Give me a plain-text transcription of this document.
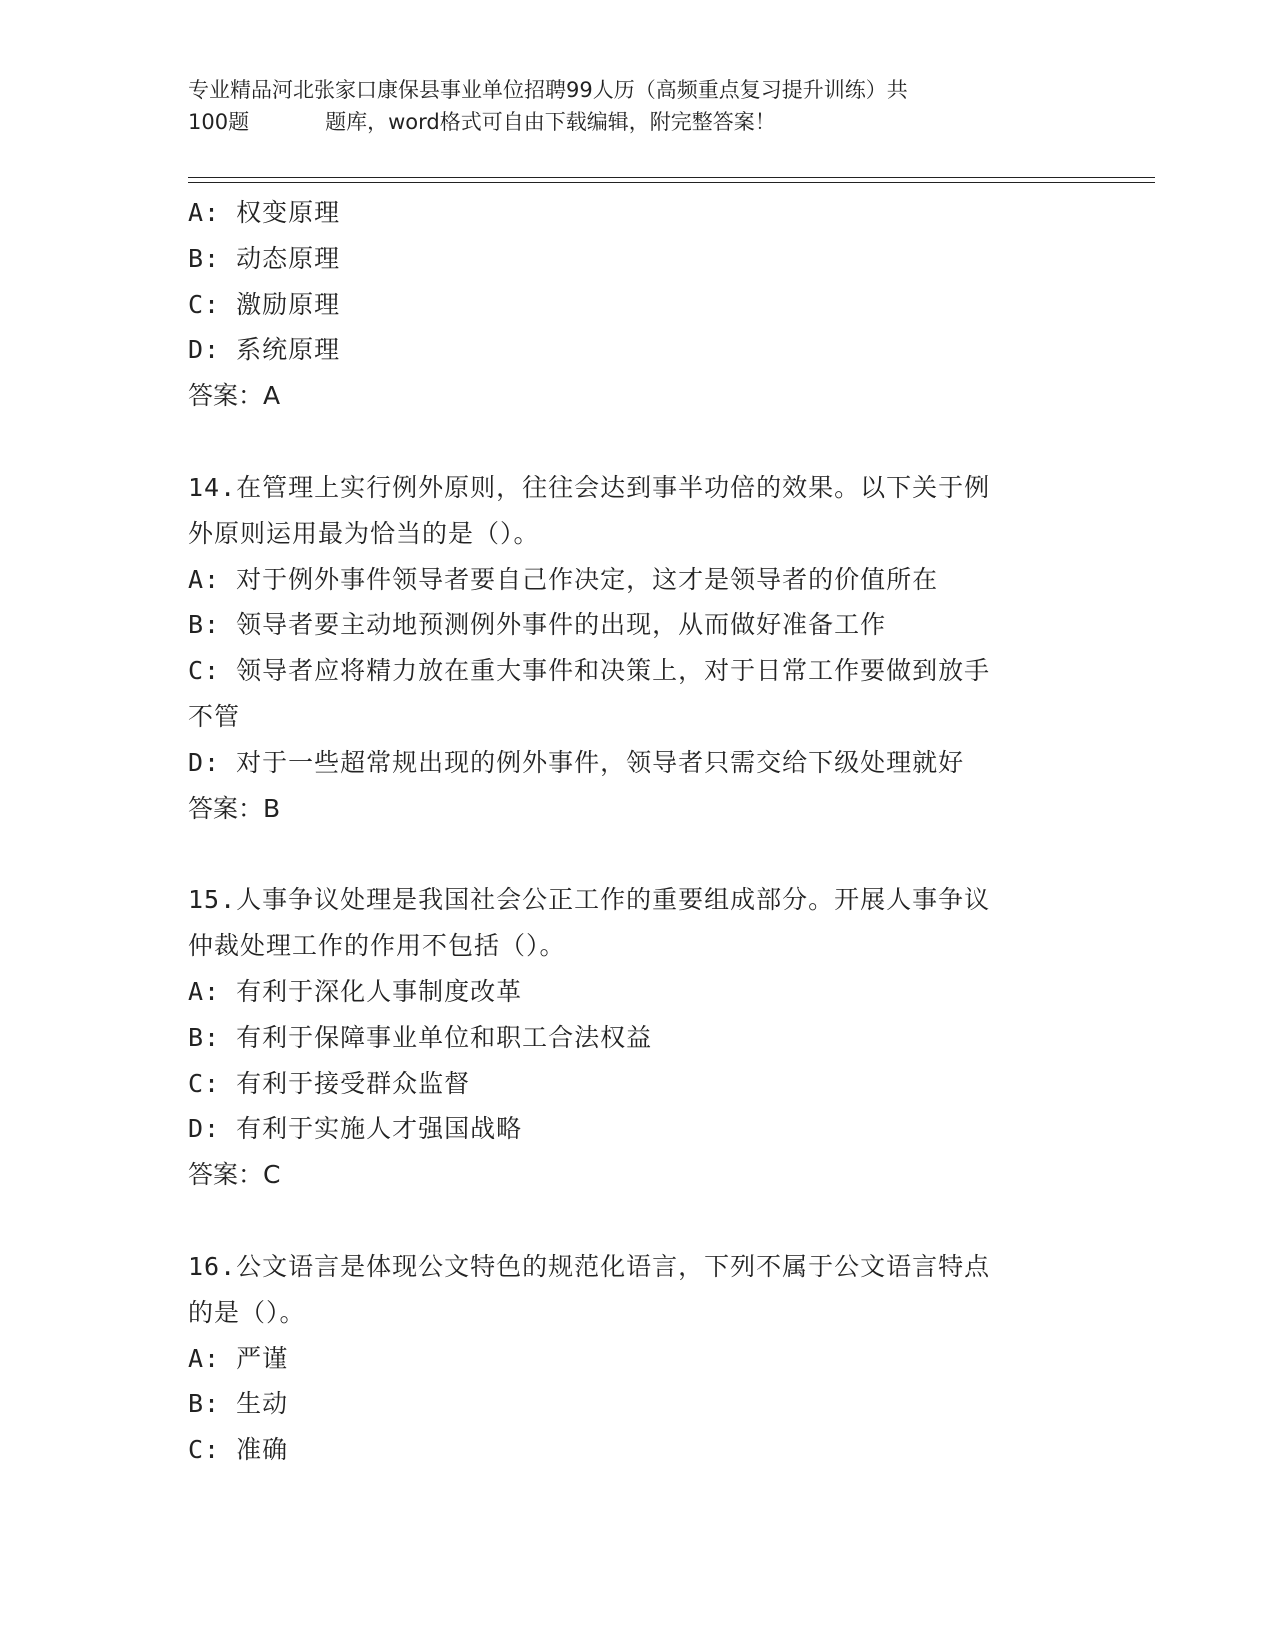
专业精品河北张家口康保县事业单位招聘99人历（高频重点复习提升训练）共
100题	题库，word格式可自由下载编辑，附完整答案！
A: 权变原理
B: 动态原理
C: 激励原理
D: 系统原理
答案：A
14.在管理上实行例外原则，往往会达到事半功倍的效果。以下关于例
外原则运用最为恰当的是（）。
A: 对于例外事件领导者要自己作决定，这才是领导者的价值所在
B: 领导者要主动地预测例外事件的出现，从而做好准备工作
C: 领导者应将精力放在重大事件和决策上，对于日常工作要做到放手
不管
D: 对于一些超常规出现的例外事件，领导者只需交给下级处理就好
答案：B
15.人事争议处理是我国社会公正工作的重要组成部分。开展人事争议
仲裁处理工作的作用不包括（）。
A: 有利于深化人事制度改革
B: 有利于保障事业单位和职工合法权益
C: 有利于接受群众监督
D: 有利于实施人才强国战略
答案：C
16.公文语言是体现公文特色的规范化语言，下列不属于公文语言特点
的是（）。
A: 严谨
B: 生动
C: 准确
